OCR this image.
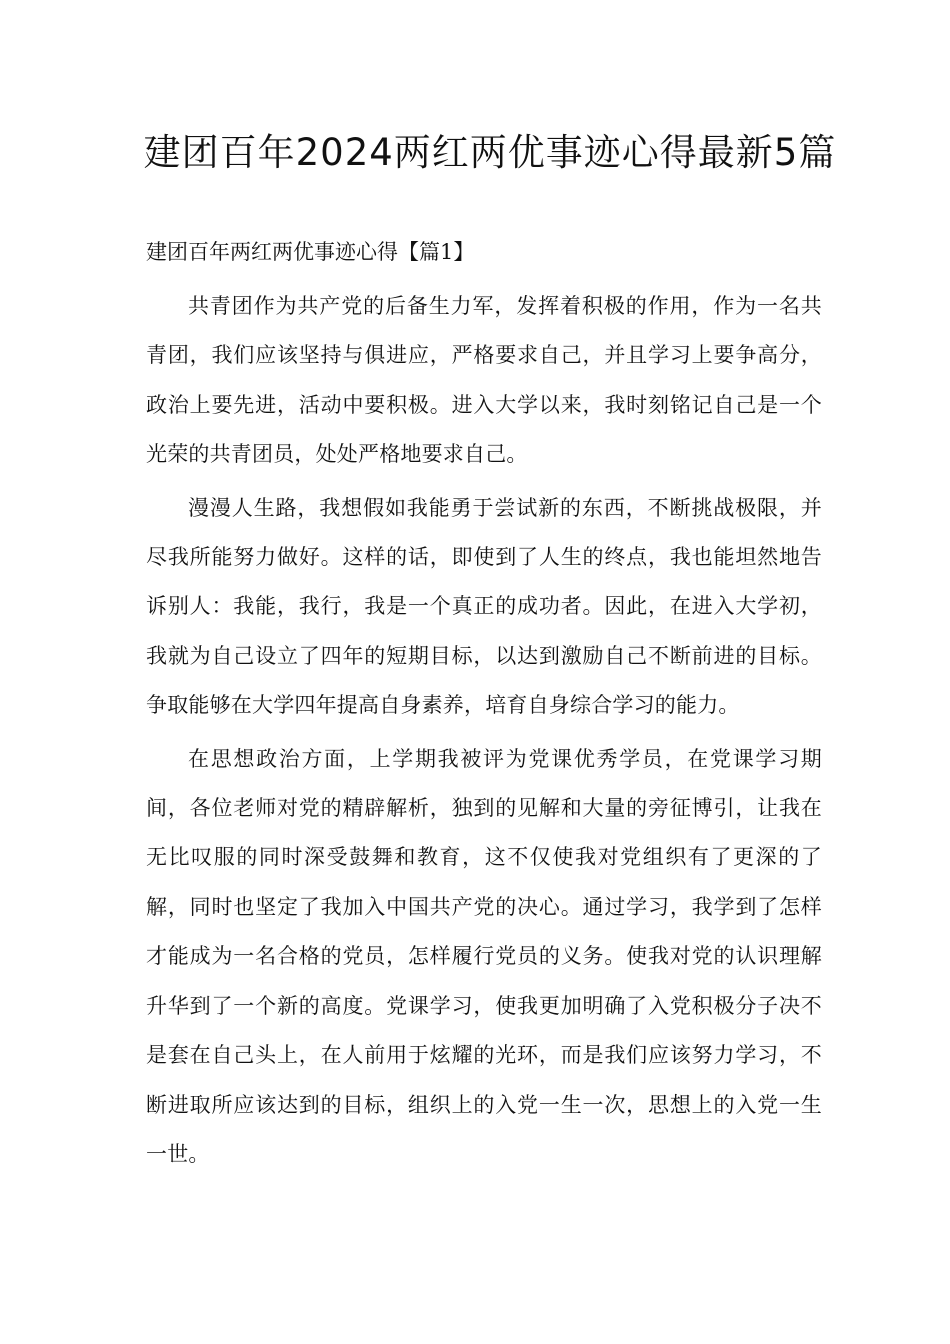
建团百年2024两红两优事迹心得最新5篇

建团百年两红两优事迹心得【篇1】

共青团作为共产党的后备生力军，发挥着积极的作用，作为一名共青团，我们应该坚持与俱进应，严格要求自己，并且学习上要争高分，政治上要先进，活动中要积极。进入大学以来，我时刻铭记自己是一个光荣的共青团员，处处严格地要求自己。

漫漫人生路，我想假如我能勇于尝试新的东西，不断挑战极限，并尽我所能努力做好。这样的话，即使到了人生的终点，我也能坦然地告诉别人：我能，我行，我是一个真正的成功者。因此，在进入大学初，我就为自己设立了四年的短期目标，以达到激励自己不断前进的目标。争取能够在大学四年提高自身素养，培育自身综合学习的能力。

在思想政治方面，上学期我被评为党课优秀学员，在党课学习期间，各位老师对党的精辟解析，独到的见解和大量的旁征博引，让我在无比叹服的同时深受鼓舞和教育，这不仅使我对党组织有了更深的了解，同时也坚定了我加入中国共产党的决心。通过学习，我学到了怎样才能成为一名合格的党员，怎样履行党员的义务。使我对党的认识理解升华到了一个新的高度。党课学习，使我更加明确了入党积极分子决不是套在自己头上，在人前用于炫耀的光环，而是我们应该努力学习，不断进取所应该达到的目标，组织上的入党一生一次，思想上的入党一生一世。
